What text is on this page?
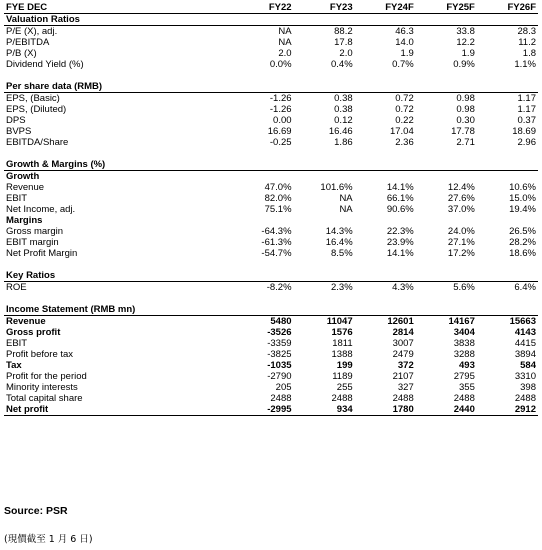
FYE DEC	FY22	FY23	FY24F	FY25F	FY26F
Valuation Ratios					
P/E (X), adj.	NA	88.2	46.3	33.8	28.3
P/EBITDA	NA	17.8	14.0	12.2	11.2
P/B (X)	2.0	2.0	1.9	1.9	1.8
Dividend Yield (%)	0.0%	0.4%	0.7%	0.9%	1.1%

Per share data (RMB)					
EPS, (Basic)	-1.26	0.38	0.72	0.98	1.17
EPS, (Diluted)	-1.26	0.38	0.72	0.98	1.17
DPS	0.00	0.12	0.22	0.30	0.37
BVPS	16.69	16.46	17.04	17.78	18.69
EBITDA/Share	-0.25	1.86	2.36	2.71	2.96

Growth & Margins (%)					
Growth					
Revenue	47.0%	101.6%	14.1%	12.4%	10.6%
EBIT	82.0%	NA	66.1%	27.6%	15.0%
Net Income, adj.	75.1%	NA	90.6%	37.0%	19.4%
Margins					
Gross margin	-64.3%	14.3%	22.3%	24.0%	26.5%
EBIT margin	-61.3%	16.4%	23.9%	27.1%	28.2%
Net Profit Margin	-54.7%	8.5%	14.1%	17.2%	18.6%

Key Ratios					
ROE	-8.2%	2.3%	4.3%	5.6%	6.4%

Income Statement (RMB mn)					
Revenue	5480	11047	12601	14167	15663
Gross profit	-3526	1576	2814	3404	4143
EBIT	-3359	1811	3007	3838	4415
Profit before tax	-3825	1388	2479	3288	3894
Tax	-1035	199	372	493	584
Profit for the period	-2790	1189	2107	2795	3310
Minority interests	205	255	327	355	398
Total capital share	2488	2488	2488	2488	2488
Net profit	-2995	934	1780	2440	2912
Source: PSR
(現價截至 1 月 6 日)
